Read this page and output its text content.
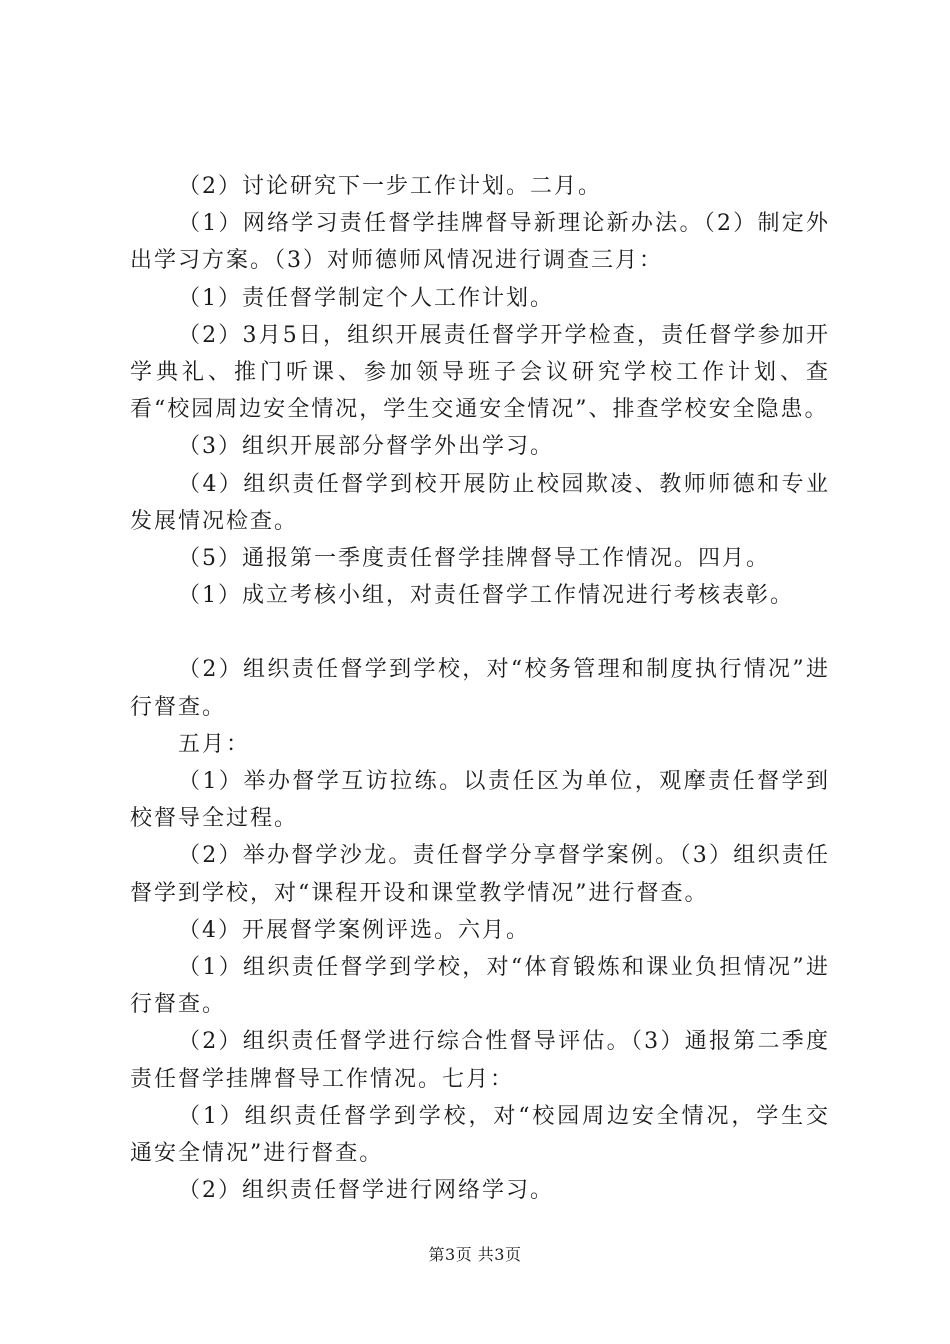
（2）讨论研究下一步工作计划。二月。

（1）网络学习责任督学挂牌督导新理论新办法。（2）制定外出学习方案。（3）对师德师风情况进行调查三月：

（1）责任督学制定个人工作计划。

（2）3月5日，组织开展责任督学开学检查，责任督学参加开学典礼、推门听课、参加领导班子会议研究学校工作计划、查看“校园周边安全情况，学生交通安全情况”、排查学校安全隐患。

（3）组织开展部分督学外出学习。

（4）组织责任督学到校开展防止校园欺凌、教师师德和专业发展情况检查。

（5）通报第一季度责任督学挂牌督导工作情况。四月。

（1）成立考核小组，对责任督学工作情况进行考核表彰。

（2）组织责任督学到学校，对“校务管理和制度执行情况”进行督查。

五月：

（1）举办督学互访拉练。以责任区为单位，观摩责任督学到校督导全过程。

（2）举办督学沙龙。责任督学分享督学案例。（3）组织责任督学到学校，对“课程开设和课堂教学情况”进行督查。

（4）开展督学案例评选。六月。

（1）组织责任督学到学校，对“体育锻炼和课业负担情况”进行督查。

（2）组织责任督学进行综合性督导评估。（3）通报第二季度责任督学挂牌督导工作情况。七月：

（1）组织责任督学到学校，对“校园周边安全情况，学生交通安全情况”进行督查。

（2）组织责任督学进行网络学习。

第3页 共3页
